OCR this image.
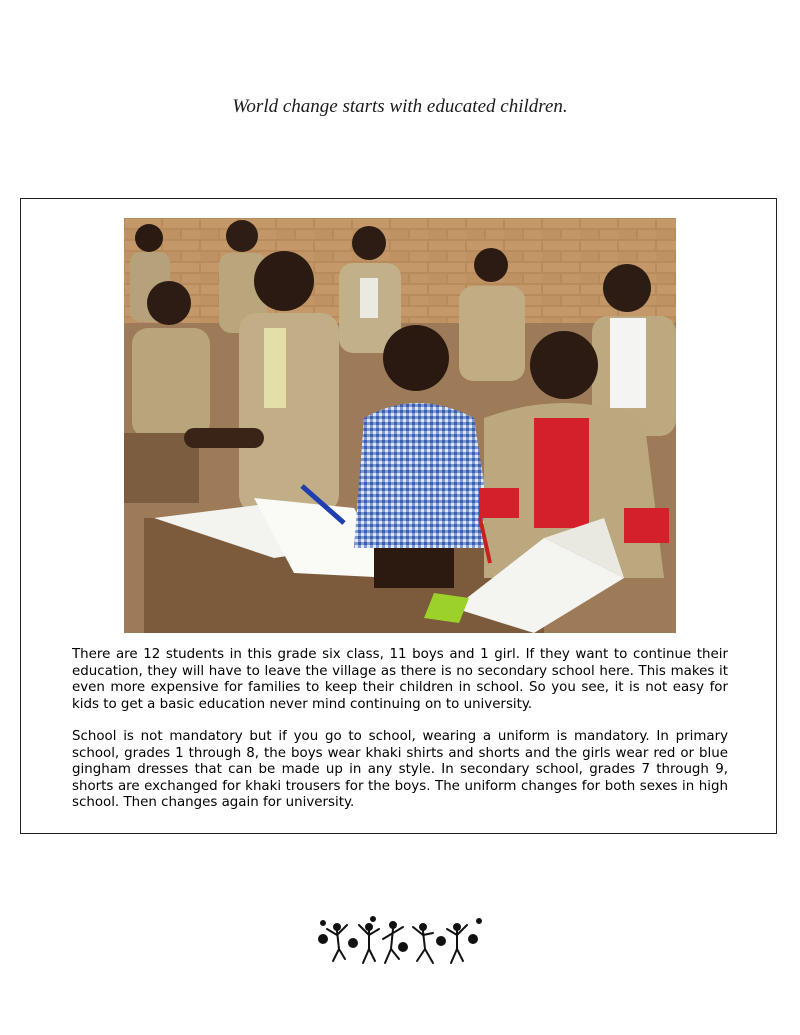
World change starts with educated children.

There are 12 students in this grade six class, 11 boys and 1 girl. If they want to continue their education, they will have to leave the village as there is no secondary school here. This makes it even more expensive for families to keep their children in school. So you see, it is not easy for kids to get a basic education never mind continuing on to university.

School is not mandatory but if you go to school, wearing a uniform is mandatory. In primary school, grades 1 through 8, the boys wear khaki shirts and shorts and the girls wear red or blue gingham dresses that can be made up in any style. In secondary school, grades 7 through 9, shorts are exchanged for khaki trousers for the boys. The uniform changes for both sexes in high school. Then changes again for university.
